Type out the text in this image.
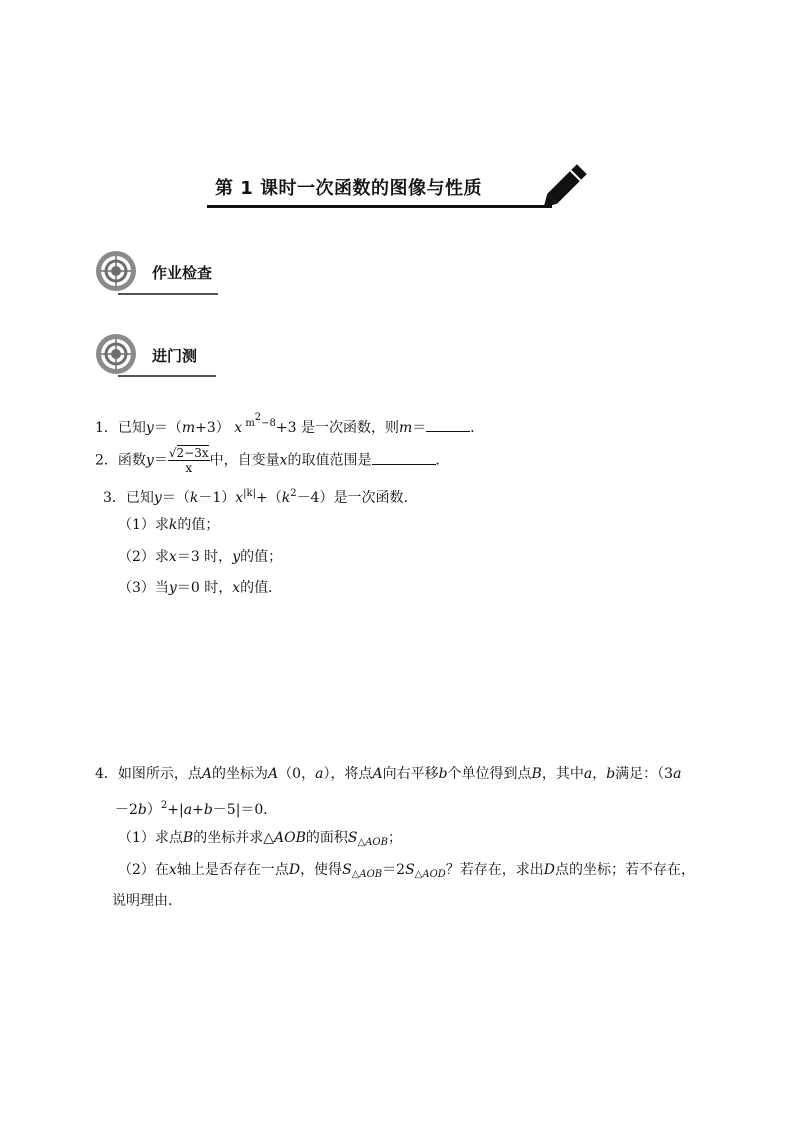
第 1 课时一次函数的图像与性质
作业检查
进门测
1．已知y＝（m+3） x $^{m^2-8}$+3 是一次函数，则m＝	．
2．函数$y= \frac{√2-3x}{x}$ 中，自变量x的取值范围是	．
3．已知$y=(k-1)x^{|k|}+(k^2-4)$是一次函数．
（1）求k的值；
（2）求x＝3 时，y的值；
（3）当y＝0 时，x的值．
4．如图所示，点A的坐标为A（0，a），将点A向右平移b个单位得到点B，其中a，b满足：（3a
－2b）$^2$+|a+b－5|＝0．
（1）求点B的坐标并求△AOB的面积$S_{\triangle AOB}$；
（2）在x轴上是否存在一点D，使得$S_{\triangle AOB}=2S_{\triangle AOD}$？若存在，求出D点的坐标；若不存在，
说明理由．
